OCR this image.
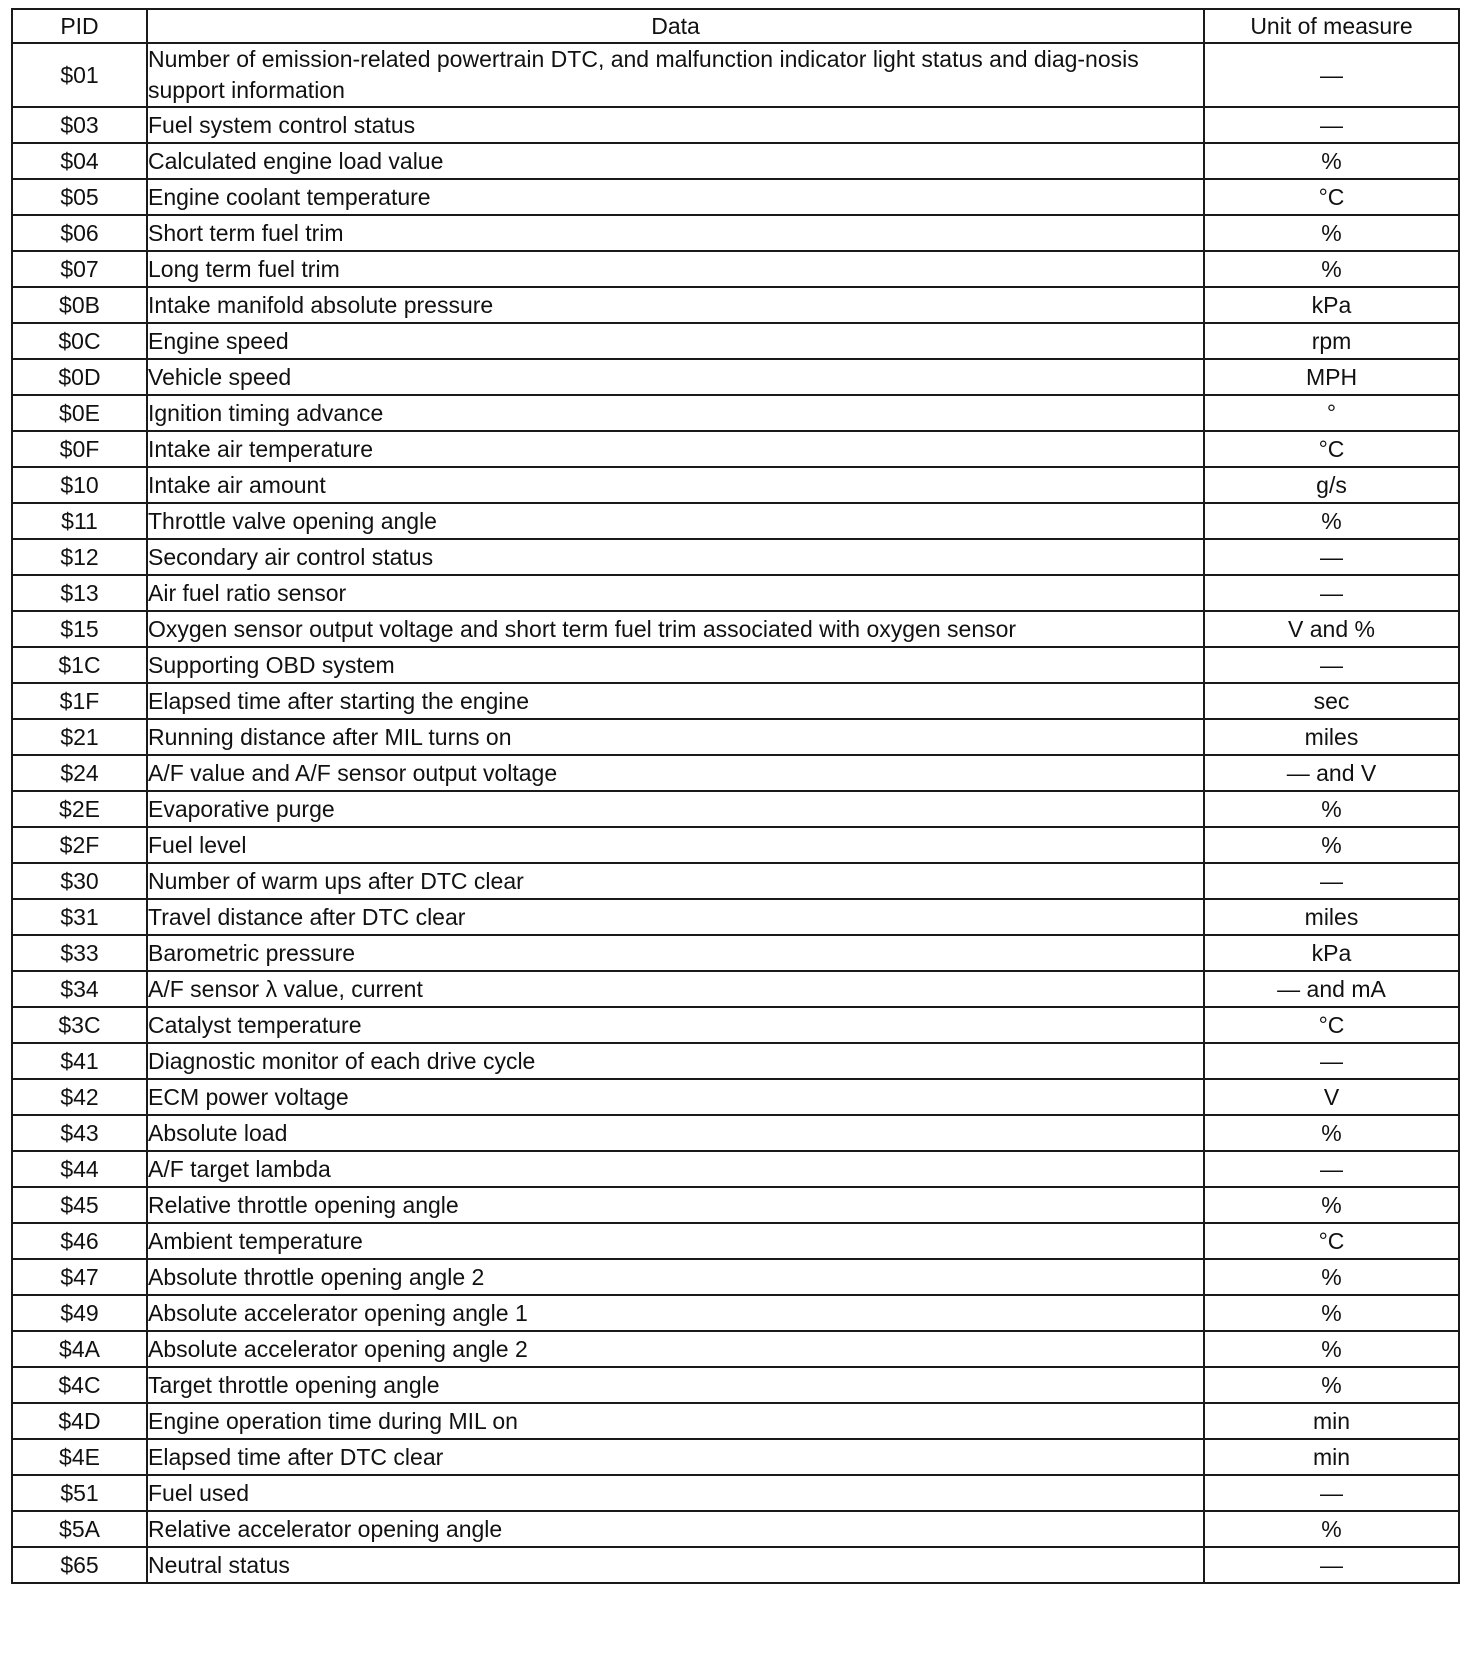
PID	Data	Unit of measure
$01	Number of emission-related powertrain DTC, and malfunction indicator light status and diag-nosis support information	—
$03	Fuel system control status	—
$04	Calculated engine load value	%
$05	Engine coolant temperature	°C
$06	Short term fuel trim	%
$07	Long term fuel trim	%
$0B	Intake manifold absolute pressure	kPa
$0C	Engine speed	rpm
$0D	Vehicle speed	MPH
$0E	Ignition timing advance	°
$0F	Intake air temperature	°C
$10	Intake air amount	g/s
$11	Throttle valve opening angle	%
$12	Secondary air control status	—
$13	Air fuel ratio sensor	—
$15	Oxygen sensor output voltage and short term fuel trim associated with oxygen sensor	V and %
$1C	Supporting OBD system	—
$1F	Elapsed time after starting the engine	sec
$21	Running distance after MIL turns on	miles
$24	A/F value and A/F sensor output voltage	— and V
$2E	Evaporative purge	%
$2F	Fuel level	%
$30	Number of warm ups after DTC clear	—
$31	Travel distance after DTC clear	miles
$33	Barometric pressure	kPa
$34	A/F sensor λ value, current	— and mA
$3C	Catalyst temperature	°C
$41	Diagnostic monitor of each drive cycle	—
$42	ECM power voltage	V
$43	Absolute load	%
$44	A/F target lambda	—
$45	Relative throttle opening angle	%
$46	Ambient temperature	°C
$47	Absolute throttle opening angle 2	%
$49	Absolute accelerator opening angle 1	%
$4A	Absolute accelerator opening angle 2	%
$4C	Target throttle opening angle	%
$4D	Engine operation time during MIL on	min
$4E	Elapsed time after DTC clear	min
$51	Fuel used	—
$5A	Relative accelerator opening angle	%
$65	Neutral status	—
